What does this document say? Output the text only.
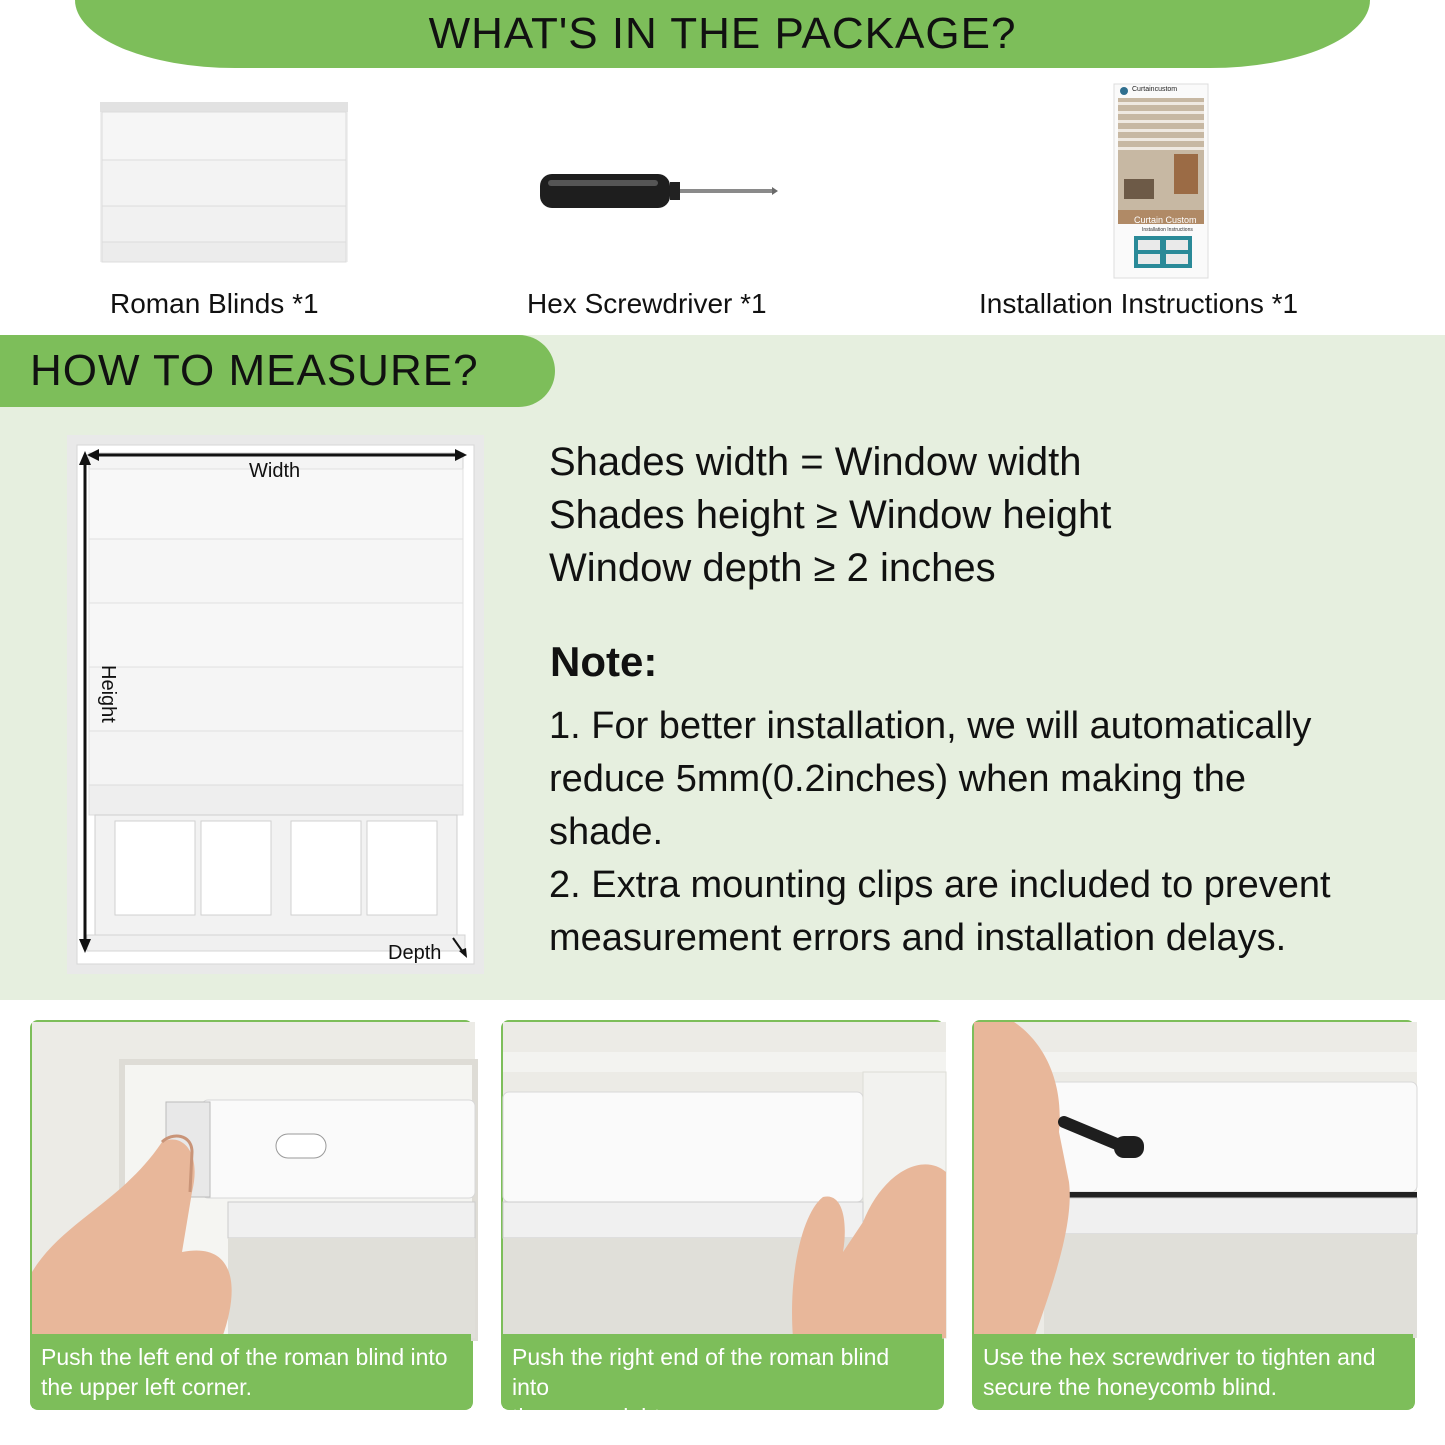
WHAT'S IN THE PACKAGE?
Roman Blinds *1	Hex Screwdriver *1
Curtaincustom
Curtain Custom
Installation Instructions
Installation Instructions *1
HOW TO MEASURE?
Width
Height
Depth
Shades width = Window width
Shades height ≥ Window height
Window depth ≥ 2 inches
Note:
1. For better installation, we will automatically
reduce 5mm(0.2inches) when making the
shade.
2. Extra mounting clips are included to prevent
measurement errors and installation delays.
Push the left end of the roman blind into
the upper left corner.
Push the right end of the roman blind into
the upper right corner.
Use the hex screwdriver to tighten and
secure the honeycomb blind.
